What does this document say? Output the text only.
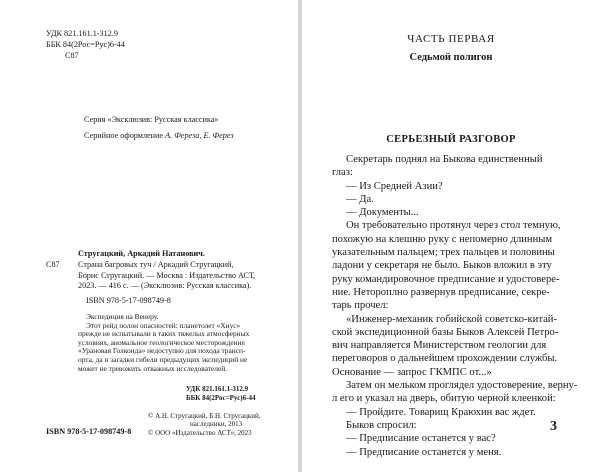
УДК 821.161.1-312.9
ББК 84(2Рос=Рус)6-44
С87
Серия «Эксклюзив: Русская классика»
Серийное оформление А. Фереза, Е. Ферез
Стругацкий, Аркадий Натанович.
С87 Страна багровых туч / Аркадий Стругацкий,
Борис Стругацкий. — Москва : Издательство АСТ,
2023. — 416 с. — (Эксклюзив: Русская классика).
ISBN 978-5-17-098749-8
Экспедиция на Венеру.
Этот рейд полон опасностей: планетолет «Хиус»
прежде не испытывали в таких тяжелых атмосферных
условиях, аномальное геологическое месторождение
«Урановая Голконда» недоступно для похода трансп-
орта, да и загадки гибели предыдущих экспедиций не
может не тревожить отважных исследователей.
УДК 821.161.1-312.9
ББК 84(2Рос=Рус)6-44
ISBN 978-5-17-098749-8
© А.Н. Стругацкий, Б.Н. Стругацкий,
наследники, 2013
© ООО «Издательство АСТ», 2023
ЧАСТЬ ПЕРВАЯ
Седьмой полигон
СЕРЬЕЗНЫЙ РАЗГОВОР
Секретарь поднял на Быкова единственный
глаз:
— Из Средней Азии?
— Да.
— Документы...
Он требовательно протянул через стол темную,
похожую на клешню руку с непомерно длинным
указательным пальцем; трех пальцев и половины
ладони у секретаря не было. Быков вложил в эту
руку командировочное предписание и удостовере-
ние. Нетороплно развернув предписание, секре-
тарь прочел:
«Инженер-механик гобийской советско-китай-
ской экспедиционной базы Быков Алексей Петро-
вич направляется Министерством геологии для
переговоров о дальнейшем прохождении службы.
Основание — запрос ГКМПС от...»
Затем он мельком проглядел удостоверение, верну-
л его и указал на дверь, обитую черной клеенкой:
— Пройдите. Товарищ Краюхин вас ждет.
Быков спросил:
— Предписание останется у вас?
— Предписание останется у меня.
3
